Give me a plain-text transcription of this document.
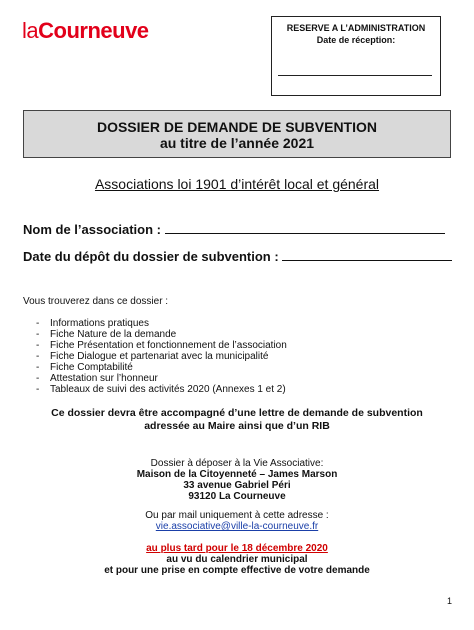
laCourneuve	RESERVE A L’ADMINISTRATION
Date de réception:
DOSSIER DE DEMANDE DE SUBVENTION
au titre de l’année 2021
Associations loi 1901 d’intérêt local et général
Nom de l’association :
Date du dépôt du dossier de subvention :
Vous trouverez dans ce dossier :
- Informations pratiques
- Fiche Nature de la demande
- Fiche Présentation et fonctionnement de l’association
- Fiche Dialogue et partenariat avec la municipalité
- Fiche Comptabilité
- Attestation sur l’honneur
- Tableaux de suivi des activités 2020 (Annexes 1 et 2)
Ce dossier devra être accompagné d’une lettre de demande de subvention
adressée au Maire ainsi que d’un RIB
Dossier à déposer à la Vie Associative:
Maison de la Citoyenneté – James Marson
33 avenue Gabriel Péri
93120 La Courneuve
Ou par mail uniquement à cette adresse :
vie.associative@ville-la-courneuve.fr
au plus tard pour le 18 décembre 2020
au vu du calendrier municipal
et pour une prise en compte effective de votre demande
1
